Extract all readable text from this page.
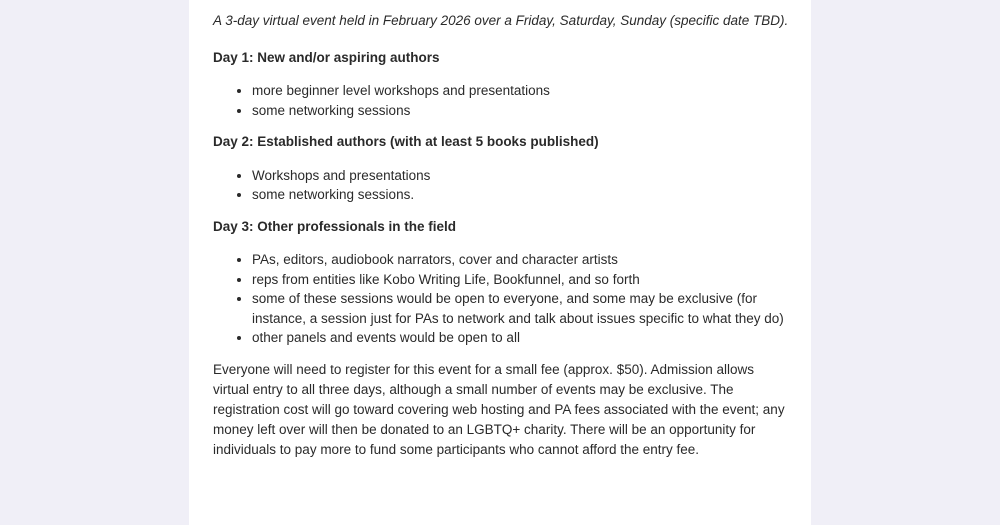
A 3-day virtual event held in February 2026 over a Friday, Saturday, Sunday (specific date TBD).

Day 1: New and/or aspiring authors
more beginner level workshops and presentations
some networking sessions
Day 2: Established authors (with at least 5 books published)
Workshops and presentations
some networking sessions.
Day 3: Other professionals in the field
PAs, editors, audiobook narrators, cover and character artists
reps from entities like Kobo Writing Life, Bookfunnel, and so forth
some of these sessions would be open to everyone, and some may be exclusive (for instance, a session just for PAs to network and talk about issues specific to what they do)
other panels and events would be open to all

Everyone will need to register for this event for a small fee (approx. $50). Admission allows virtual entry to all three days, although a small number of events may be exclusive. The registration cost will go toward covering web hosting and PA fees associated with the event; any money left over will then be donated to an LGBTQ+ charity. There will be an opportunity for individuals to pay more to fund some participants who cannot afford the entry fee.
